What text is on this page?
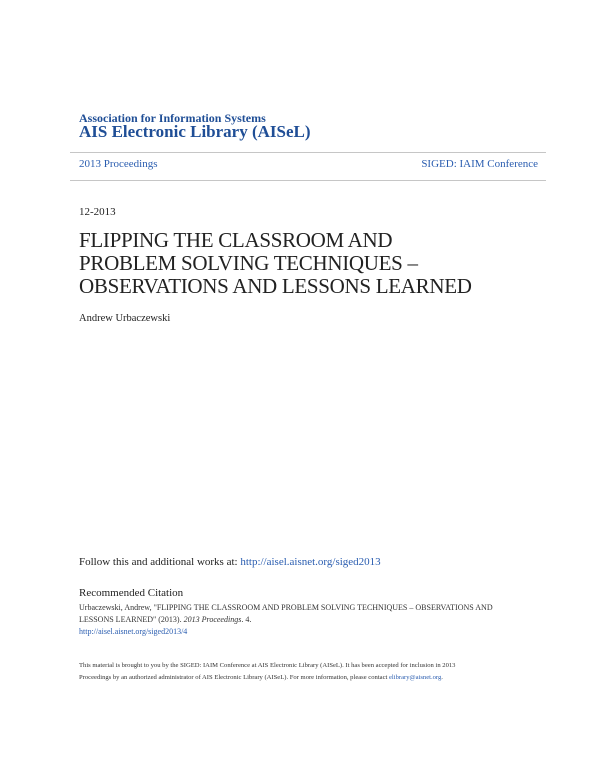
Association for Information Systems
AIS Electronic Library (AISeL)
2013 Proceedings	SIGED: IAIM Conference
12-2013
FLIPPING THE CLASSROOM AND
PROBLEM SOLVING TECHNIQUES –
OBSERVATIONS AND LESSONS LEARNED
Andrew Urbaczewski
Follow this and additional works at: http://aisel.aisnet.org/siged2013
Recommended Citation
Urbaczewski, Andrew, "FLIPPING THE CLASSROOM AND PROBLEM SOLVING TECHNIQUES – OBSERVATIONS AND
LESSONS LEARNED" (2013). 2013 Proceedings. 4.
http://aisel.aisnet.org/siged2013/4
This material is brought to you by the SIGED: IAIM Conference at AIS Electronic Library (AISeL). It has been accepted for inclusion in 2013
Proceedings by an authorized administrator of AIS Electronic Library (AISeL). For more information, please contact elibrary@aisnet.org.
